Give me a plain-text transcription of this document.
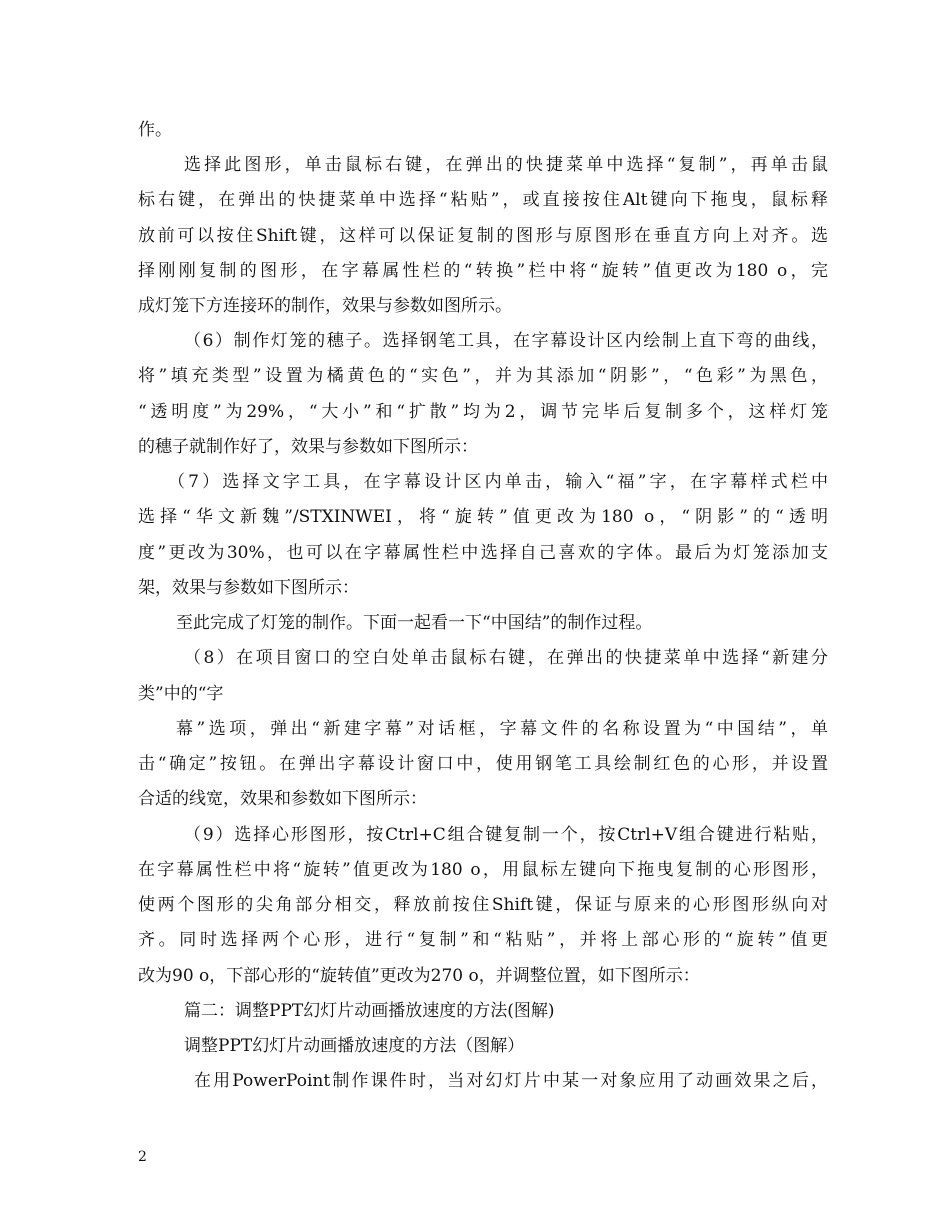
作。
选择此图形，单击鼠标右键，在弹出的快捷菜单中选择“复制”，再单击鼠
标右键，在弹出的快捷菜单中选择“粘贴”，或直接按住Alt键向下拖曳，鼠标释
放前可以按住Shift键，这样可以保证复制的图形与原图形在垂直方向上对齐。选
择刚刚复制的图形，在字幕属性栏的“转换”栏中将“旋转”值更改为180 o，完
成灯笼下方连接环的制作，效果与参数如图所示。
（6）制作灯笼的穗子。选择钢笔工具，在字幕设计区内绘制上直下弯的曲线，
将”填充类型”设置为橘黄色的“实色”，并为其添加“阴影”，“色彩”为黑色，
“透明度”为29%，“大小”和“扩散”均为2，调节完毕后复制多个，这样灯笼
的穗子就制作好了，效果与参数如下图所示：
（7）选择文字工具，在字幕设计区内单击，输入“福”字，在字幕样式栏中
选择“华文新魏”/STXINWEI，将“旋转”值更改为180 o，“阴影”的“透明
度”更改为30%，也可以在字幕属性栏中选择自己喜欢的字体。最后为灯笼添加支
架，效果与参数如下图所示：
至此完成了灯笼的制作。下面一起看一下“中国结”的制作过程。
（8）在项目窗口的空白处单击鼠标右键，在弹出的快捷菜单中选择“新建分
类”中的“字
幕”选项，弹出“新建字幕”对话框，字幕文件的名称设置为“中国结”，单
击“确定”按钮。在弹出字幕设计窗口中，使用钢笔工具绘制红色的心形，并设置
合适的线宽，效果和参数如下图所示：
（9）选择心形图形，按Ctrl+C组合键复制一个，按Ctrl+V组合键进行粘贴，
在字幕属性栏中将“旋转”值更改为180 o，用鼠标左键向下拖曳复制的心形图形，
使两个图形的尖角部分相交，释放前按住Shift键，保证与原来的心形图形纵向对
齐。同时选择两个心形，进行“复制”和“粘贴”，并将上部心形的“旋转”值更
改为90 o，下部心形的“旋转值”更改为270 o，并调整位置，如下图所示：
篇二：调整PPT幻灯片动画播放速度的方法(图解)
调整PPT幻灯片动画播放速度的方法（图解）
在用PowerPoint制作课件时，当对幻灯片中某一对象应用了动画效果之后，
2
